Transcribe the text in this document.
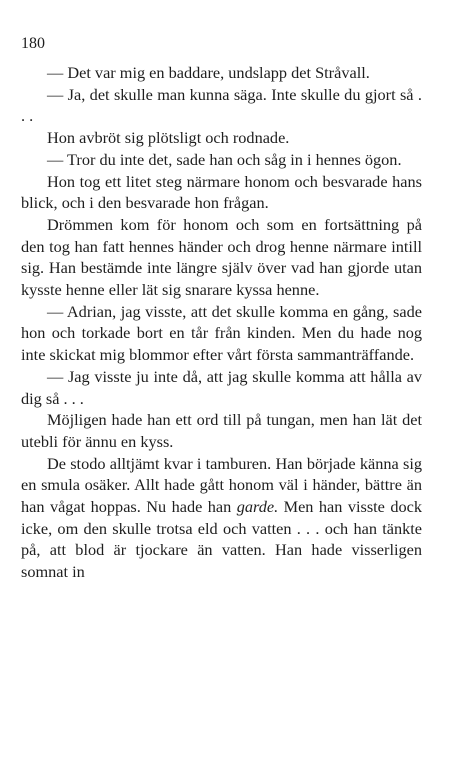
180

— Det var mig en baddare, undslapp det Stråvall.

— Ja, det skulle man kunna säga. Inte skulle du gjort så . . .

Hon avbröt sig plötsligt och rodnade.

— Tror du inte det, sade han och såg in i hennes ögon.

Hon tog ett litet steg närmare honom och besvarade hans blick, och i den besvarade hon frågan.

Drömmen kom för honom och som en fortsättning på den tog han fatt hennes händer och drog henne närmare intill sig. Han bestämde inte längre själv över vad han gjorde utan kysste henne eller lät sig snarare kyssa henne.

— Adrian, jag visste, att det skulle komma en gång, sade hon och torkade bort en tår från kinden. Men du hade nog inte skickat mig blommor efter vårt första sammanträffande.

— Jag visste ju inte då, att jag skulle komma att hålla av dig så . . .

Möjligen hade han ett ord till på tungan, men han lät det utebli för ännu en kyss.

De stodo alltjämt kvar i tamburen. Han började känna sig en smula osäker. Allt hade gått honom väl i händer, bättre än han vågat hoppas. Nu hade han garde. Men han visste dock icke, om den skulle trotsa eld och vatten . . . och han tänkte på, att blod är tjockare än vatten. Han hade visserligen somnat in
